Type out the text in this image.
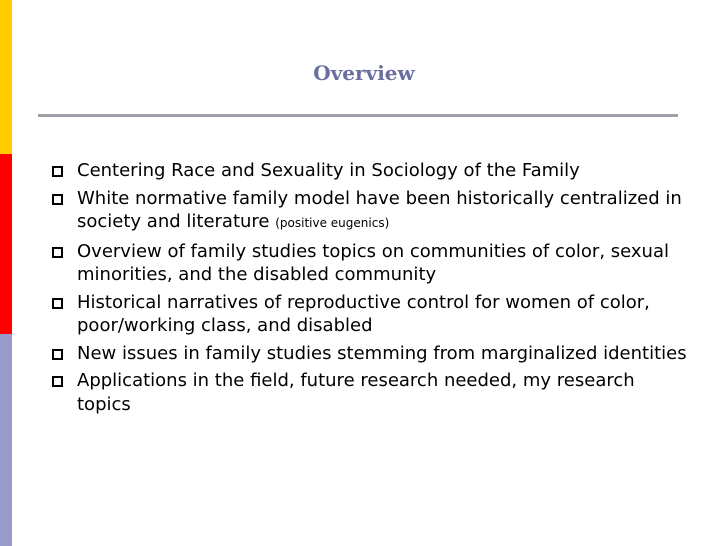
Overview
Centering Race and Sexuality in Sociology of the Family
White normative family model have been historically centralized in society and literature (positive eugenics)
Overview of family studies topics on communities of color, sexual minorities, and the disabled community
Historical narratives of reproductive control for women of color, poor/working class, and disabled
New issues in family studies stemming from marginalized identities
Applications in the field, future research needed, my research topics
